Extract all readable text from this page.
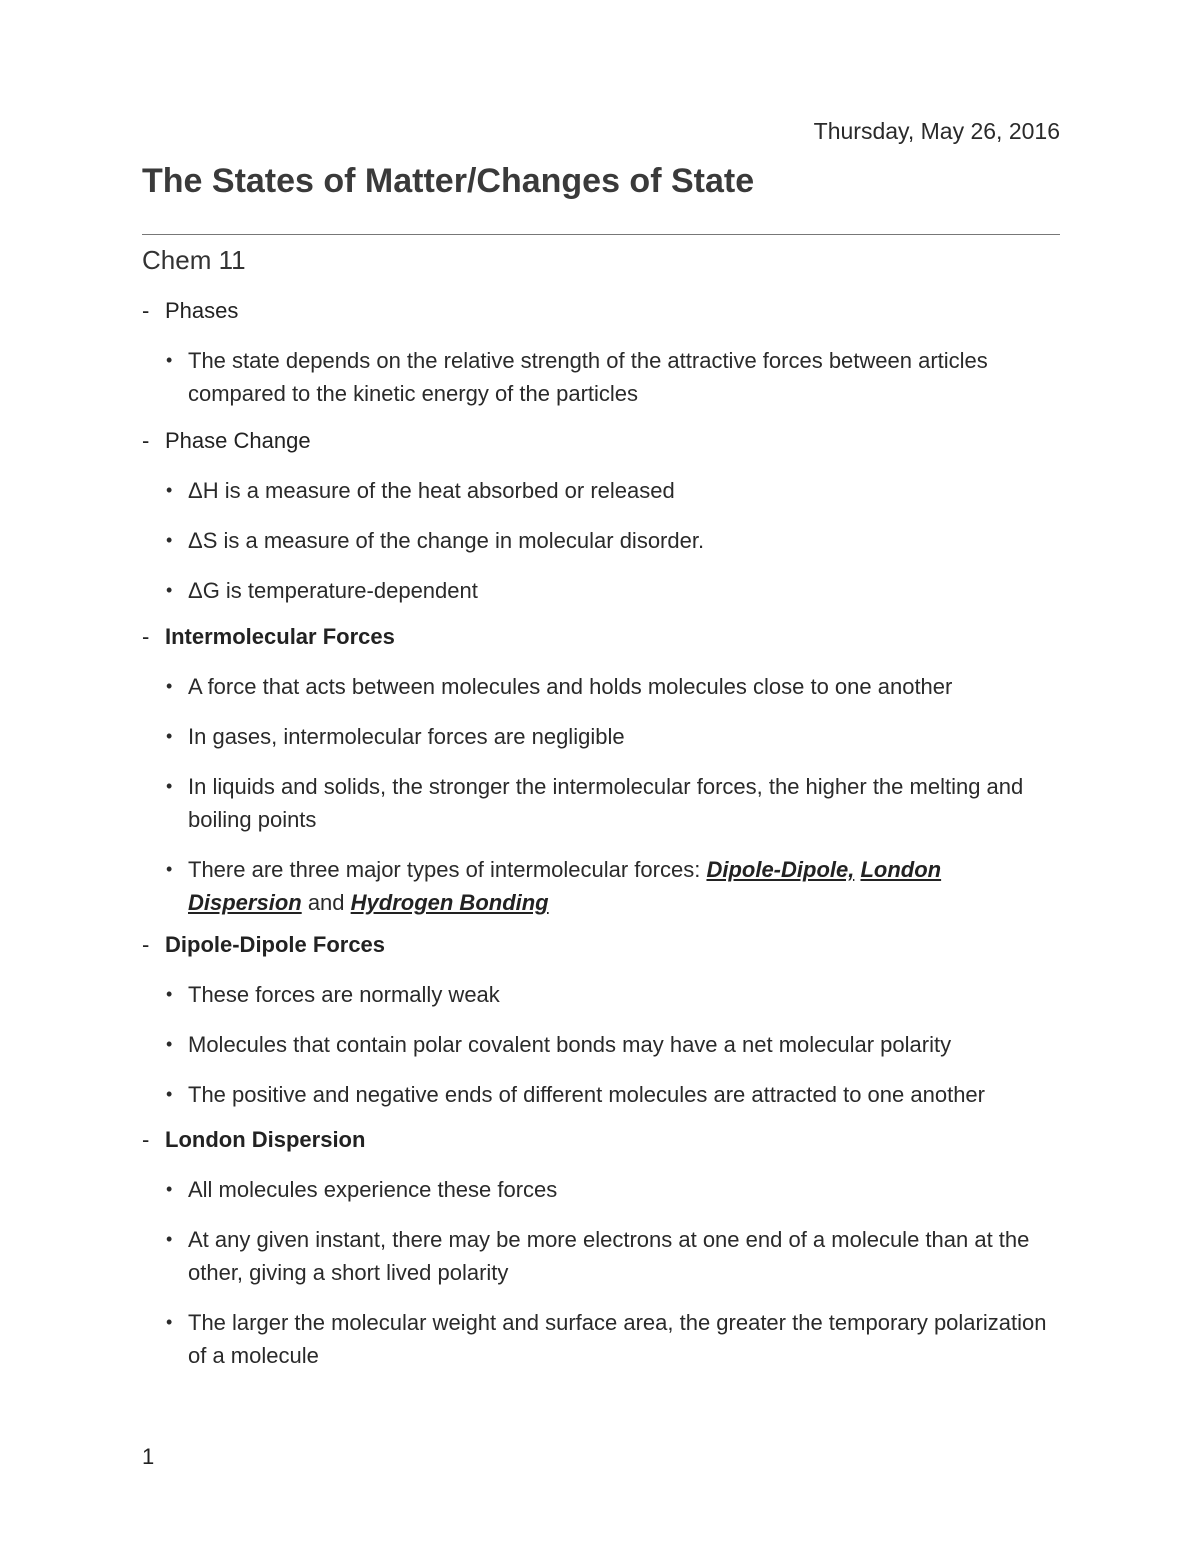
Thursday, May 26, 2016
The States of Matter/Changes of State
Chem 11
- Phases
• The state depends on the relative strength of the attractive forces between articles compared to the kinetic energy of the particles
- Phase Change
• ΔH is a measure of the heat absorbed or released
• ΔS is a measure of the change in molecular disorder.
• ΔG is temperature-dependent
- Intermolecular Forces
• A force that acts between molecules and holds molecules close to one another
• In gases, intermolecular forces are negligible
• In liquids and solids, the stronger the intermolecular forces, the higher the melting and boiling points
• There are three major types of intermolecular forces: Dipole-Dipole, London Dispersion and Hydrogen Bonding
- Dipole-Dipole Forces
• These forces are normally weak
• Molecules that contain polar covalent bonds may have a net molecular polarity
• The positive and negative ends of different molecules are attracted to one another
- London Dispersion
• All molecules experience these forces
• At any given instant, there may be more electrons at one end of a molecule than at the other, giving a short lived polarity
• The larger the molecular weight and surface area, the greater the temporary polarization of a molecule
1
